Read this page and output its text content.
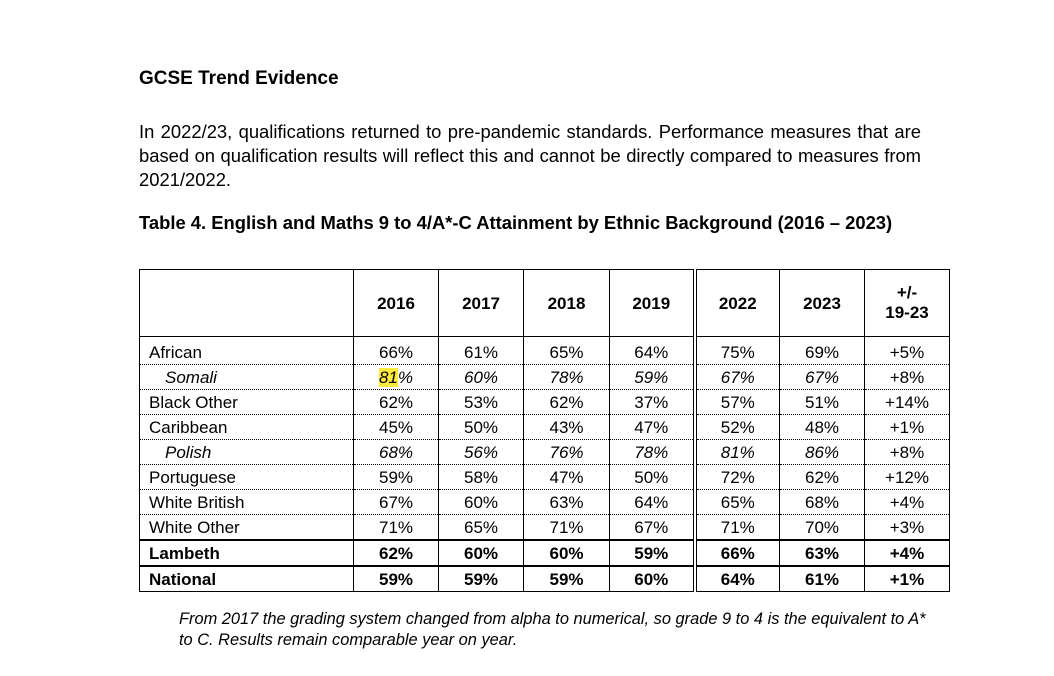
GCSE Trend Evidence

In 2022/23, qualifications returned to pre-pandemic standards. Performance measures that are based on qualification results will reflect this and cannot be directly compared to measures from 2021/2022.

Table 4. English and Maths 9 to 4/A*-C Attainment by Ethnic Background (2016 – 2023)

	2016	2017	2018	2019	2022	2023	+/-
19-23
African	66%	61%	65%	64%	75%	69%	+5%
Somali	81%	60%	78%	59%	67%	67%	+8%
Black Other	62%	53%	62%	37%	57%	51%	+14%
Caribbean	45%	50%	43%	47%	52%	48%	+1%
Polish	68%	56%	76%	78%	81%	86%	+8%
Portuguese	59%	58%	47%	50%	72%	62%	+12%
White British	67%	60%	63%	64%	65%	68%	+4%
White Other	71%	65%	71%	67%	71%	70%	+3%
Lambeth	62%	60%	60%	59%	66%	63%	+4%
National	59%	59%	59%	60%	64%	61%	+1%

From 2017 the grading system changed from alpha to numerical, so grade 9 to 4 is the equivalent to A* to C. Results remain comparable year on year.
